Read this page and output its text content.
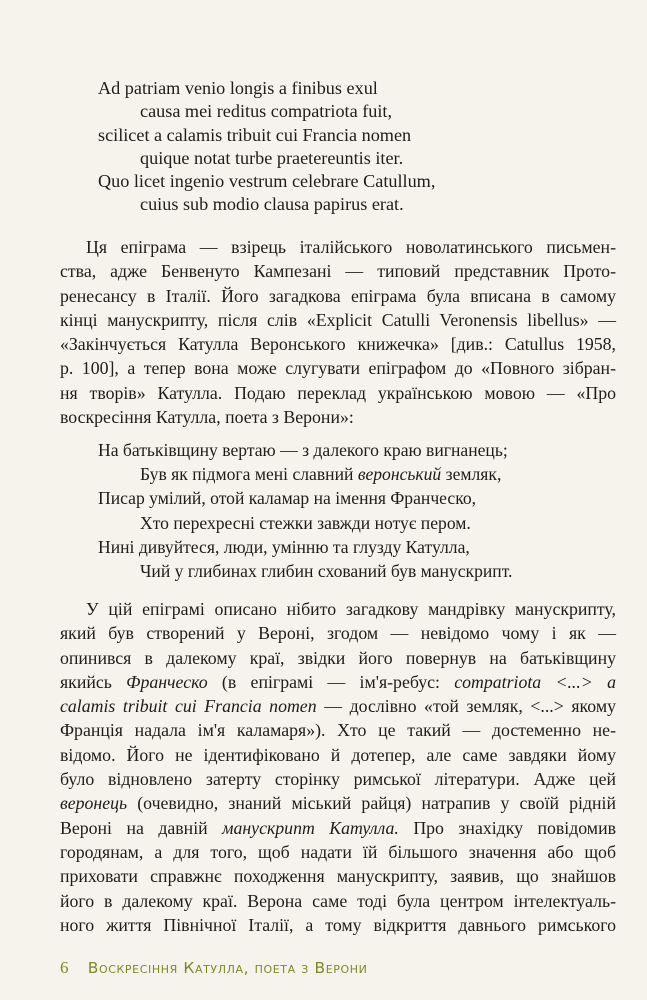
Ad patriam venio longis a finibus exul
causa mei reditus compatriota fuit,
scilicet a calamis tribuit cui Francia nomen
quique notat turbe praetereuntis iter.
Quo licet ingenio vestrum celebrare Catullum,
cuius sub modio clausa papirus erat.
Ця епіграма — взірець італійського новолатинського письмен-
ства, адже Бенвенуто Кампезані — типовий представник Прото-
ренесансу в Італії. Його загадкова епіграма була вписана в самому
кінці манускрипту, після слів «Explicit Catulli Veronensis libellus» —
«Закінчується Катулла Веронського книжечка» [див.: Catullus 1958,
р. 100], а тепер вона може слугувати епіграфом до «Повного зібран-
ня творів» Катулла. Подаю переклад українською мовою — «Про
воскресіння Катулла, поета з Верони»:
На батьківщину вертаю — з далекого краю вигнанець;
Був як підмога мені славний веронський земляк,
Писар умілий, отой каламар на імення Франческо,
Хто перехресні стежки завжди нотує пером.
Нині дивуйтеся, люди, умінню та глузду Катулла,
Чий у глибинах глибин схований був манускрипт.
У цій епіграмі описано нібито загадкову мандрівку манускрипту,
який був створений у Вероні, згодом — невідомо чому і як —
опинився в далекому краї, звідки його повернув на батьківщину
якийсь Франческо (в епіграмі — ім'я-ребус: compatriota <...> a
calamis tribuit cui Francia nomen — дослівно «той земляк, <...> якому
Франція надала ім'я каламаря»). Хто це такий — достеменно не-
відомо. Його не ідентифіковано й дотепер, але саме завдяки йому
було відновлено затерту сторінку римської літератури. Адже цей
веронець (очевидно, знаний міський райця) натрапив у своїй рідній
Вероні на давній манускрипт Катулла. Про знахідку повідомив
городянам, а для того, щоб надати їй більшого значення або щоб
приховати справжнє походження манускрипту, заявив, що знайшов
його в далекому краї. Верона саме тоді була центром інтелектуаль-
ного життя Північної Італії, а тому відкриття давнього римського
6 Воскресіння Катулла, поета з Верони
